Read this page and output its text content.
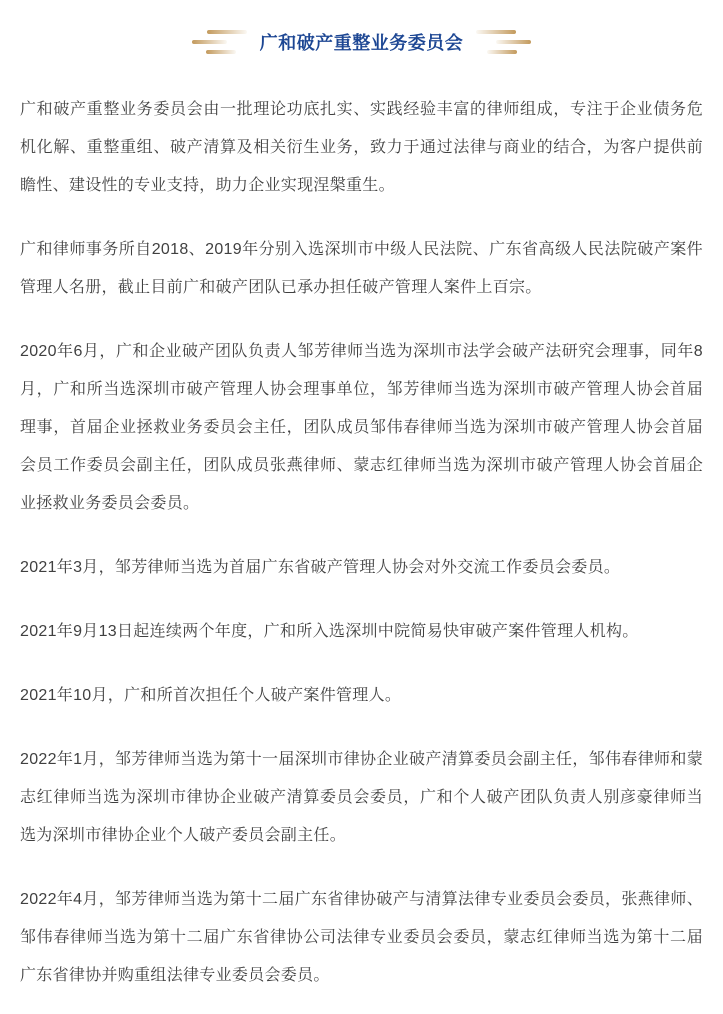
广和破产重整业务委员会

广和破产重整业务委员会由一批理论功底扎实、实践经验丰富的律师组成，专注于企业债务危机化解、重整重组、破产清算及相关衍生业务，致力于通过法律与商业的结合，为客户提供前瞻性、建设性的专业支持，助力企业实现涅槃重生。

广和律师事务所自2018、2019年分别入选深圳市中级人民法院、广东省高级人民法院破产案件管理人名册，截止目前广和破产团队已承办担任破产管理人案件上百宗。

2020年6月，广和企业破产团队负责人邹芳律师当选为深圳市法学会破产法研究会理事，同年8月，广和所当选深圳市破产管理人协会理事单位，邹芳律师当选为深圳市破产管理人协会首届理事，首届企业拯救业务委员会主任，团队成员邹伟春律师当选为深圳市破产管理人协会首届会员工作委员会副主任，团队成员张燕律师、蒙志红律师当选为深圳市破产管理人协会首届企业拯救业务委员会委员。

2021年3月，邹芳律师当选为首届广东省破产管理人协会对外交流工作委员会委员。

2021年9月13日起连续两个年度，广和所入选深圳中院简易快审破产案件管理人机构。

2021年10月，广和所首次担任个人破产案件管理人。

2022年1月，邹芳律师当选为第十一届深圳市律协企业破产清算委员会副主任，邹伟春律师和蒙志红律师当选为深圳市律协企业破产清算委员会委员，广和个人破产团队负责人别彦豪律师当选为深圳市律协企业个人破产委员会副主任。

2022年4月，邹芳律师当选为第十二届广东省律协破产与清算法律专业委员会委员，张燕律师、邹伟春律师当选为第十二届广东省律协公司法律专业委员会委员，蒙志红律师当选为第十二届广东省律协并购重组法律专业委员会委员。
